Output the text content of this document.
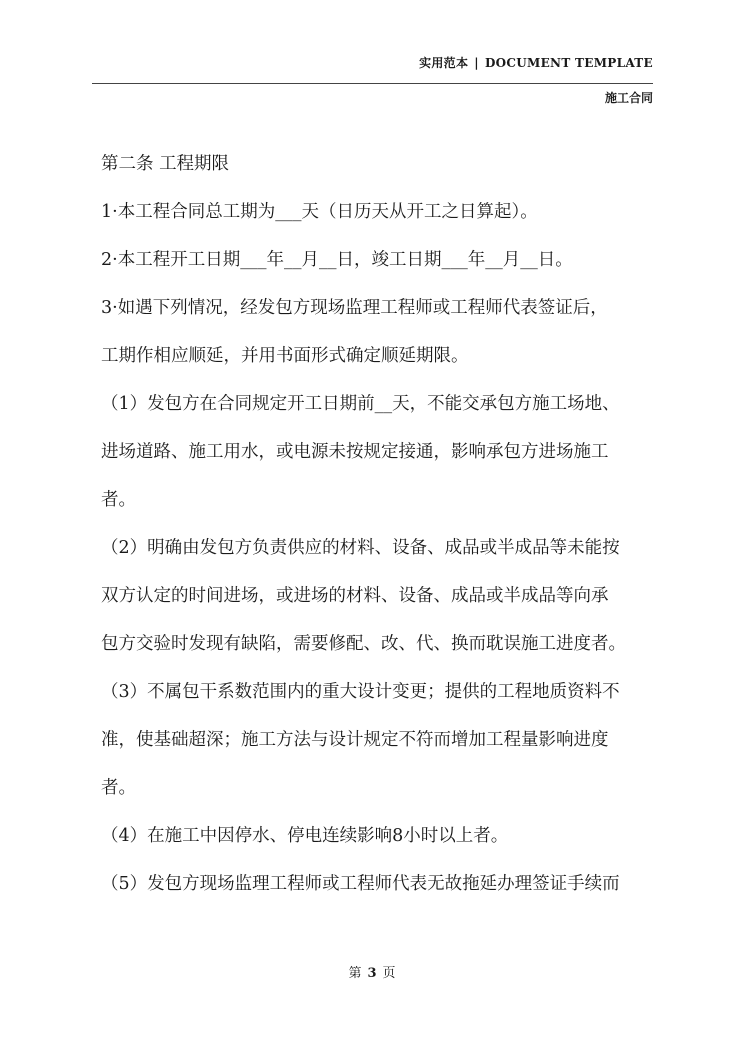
实用范本 | DOCUMENT TEMPLATE
施工合同

第二条 工程期限

1·本工程合同总工期为___天（日历天从开工之日算起）。

2·本工程开工日期___年__月__日，竣工日期___年__月__日。

3·如遇下列情况，经发包方现场监理工程师或工程师代表签证后，

工期作相应顺延，并用书面形式确定顺延期限。

（1）发包方在合同规定开工日期前__天，不能交承包方施工场地、

进场道路、施工用水，或电源未按规定接通，影响承包方进场施工

者。

（2）明确由发包方负责供应的材料、设备、成品或半成品等未能按

双方认定的时间进场，或进场的材料、设备、成品或半成品等向承

包方交验时发现有缺陷，需要修配、改、代、换而耽误施工进度者。

（3）不属包干系数范围内的重大设计变更；提供的工程地质资料不

准，使基础超深；施工方法与设计规定不符而增加工程量影响进度

者。

（4）在施工中因停水、停电连续影响8小时以上者。

（5）发包方现场监理工程师或工程师代表无故拖延办理签证手续而

第 3 页
